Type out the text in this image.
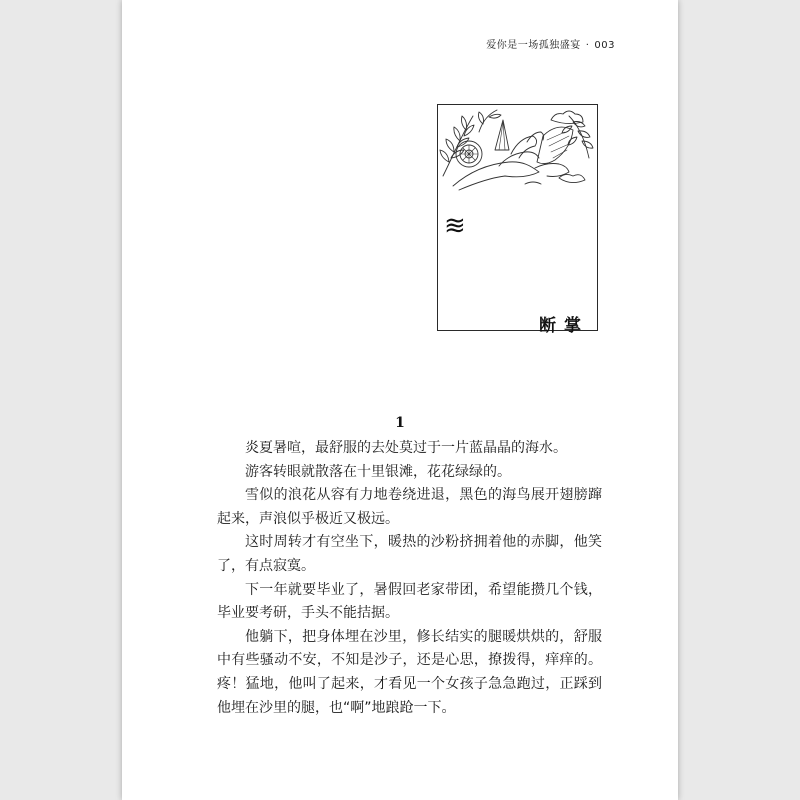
爱你是一场孤独盛宴 · 003
≋
断掌
1

炎夏暑喧，最舒服的去处莫过于一片蓝晶晶的海水。

游客转眼就散落在十里银滩，花花绿绿的。

雪似的浪花从容有力地卷绕进退，黑色的海鸟展开翅膀蹿起来，声浪似乎极近又极远。

这时周转才有空坐下，暖热的沙粉挤拥着他的赤脚，他笑了，有点寂寞。

下一年就要毕业了，暑假回老家带团，希望能攒几个钱，毕业要考研，手头不能拮据。

他躺下，把身体埋在沙里，修长结实的腿暖烘烘的，舒服中有些骚动不安，不知是沙子，还是心思，撩拨得，痒痒的。疼！猛地，他叫了起来，才看见一个女孩子急急跑过，正踩到他埋在沙里的腿，也“啊”地踉跄一下。
